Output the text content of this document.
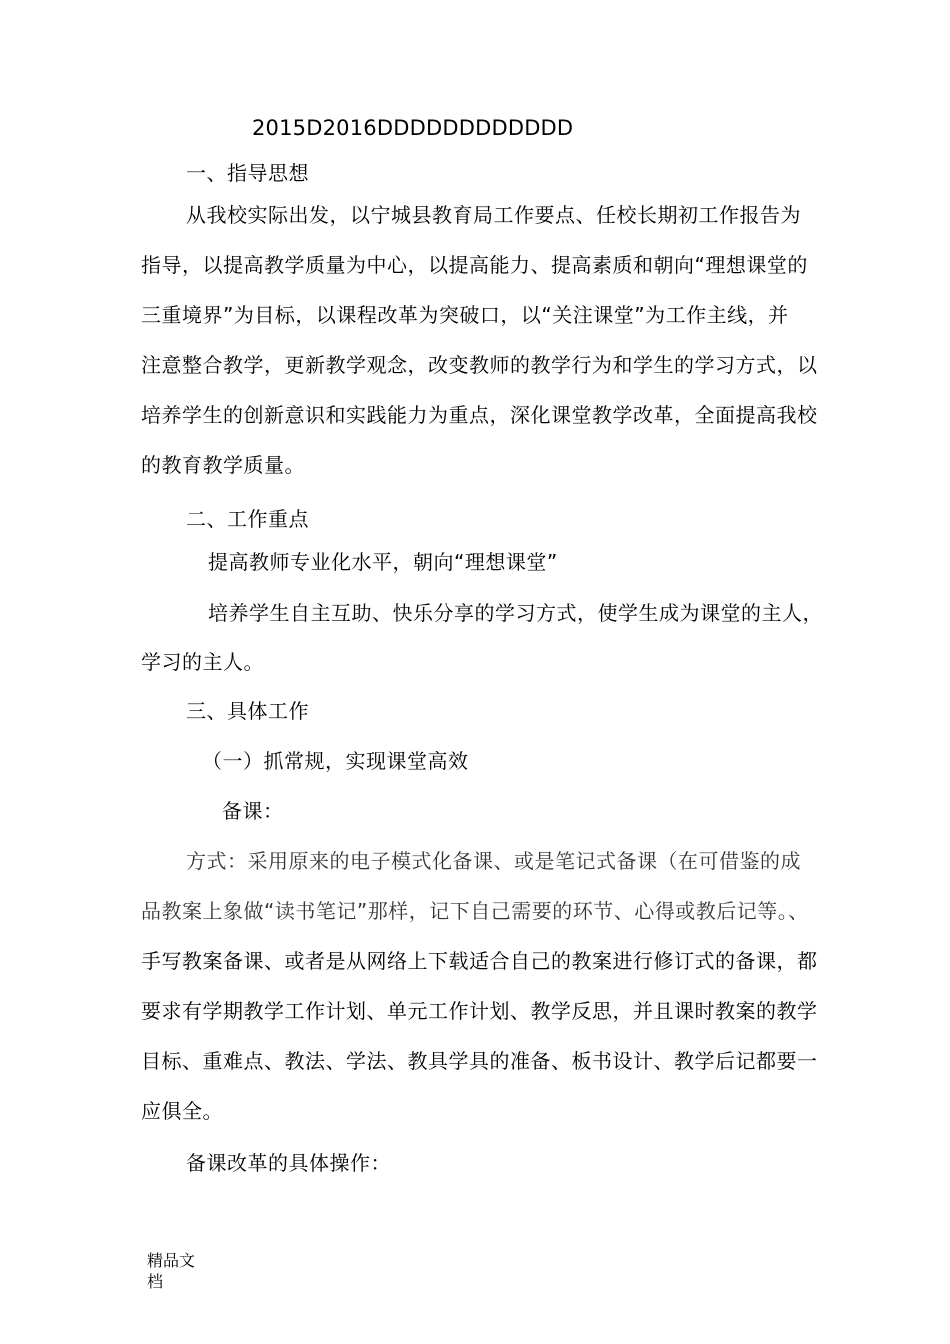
2015D2016DDDDDDDDDDDD
一、指导思想
从我校实际出发，以宁城县教育局工作要点、任校长期初工作报告为
指导，以提高教学质量为中心，以提高能力、提高素质和朝向“理想课堂的
三重境界”为目标，以课程改革为突破口，以“关注课堂”为工作主线，并
注意整合教学，更新教学观念，改变教师的教学行为和学生的学习方式，以
培养学生的创新意识和实践能力为重点，深化课堂教学改革，全面提高我校
的教育教学质量。
二、工作重点
提高教师专业化水平，朝向“理想课堂”
培养学生自主互助、快乐分享的学习方式，使学生成为课堂的主人，
学习的主人。
三、具体工作
（一）抓常规，实现课堂高效
备课：
方式：采用原来的电子模式化备课、或是笔记式备课（在可借鉴的成
品教案上象做“读书笔记”那样，记下自己需要的环节、心得或教后记等。、
手写教案备课、或者是从网络上下载适合自己的教案进行修订式的备课，都
要求有学期教学工作计划、单元工作计划、教学反思，并且课时教案的教学
目标、重难点、教法、学法、教具学具的准备、板书设计、教学后记都要一
应俱全。
备课改革的具体操作：
精品文档
